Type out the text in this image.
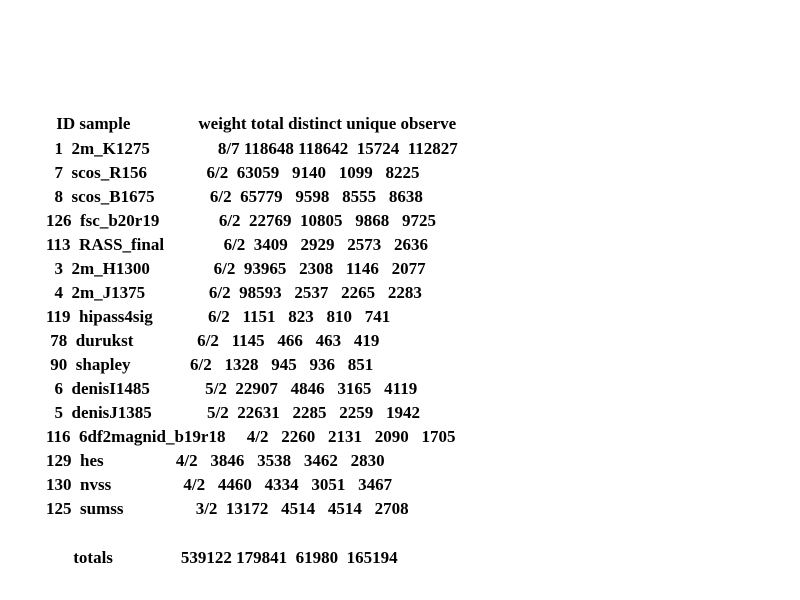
ID sample                weight total distinct unique observe
1  2m_K1275                8/7 118648 118642  15724  112827
7  scos_R156              6/2  63059   9140   1099   8225
8  scos_B1675             6/2  65779   9598   8555   8638
126  fsc_b20r19              6/2  22769  10805   9868   9725
113  RASS_final              6/2  3409   2929   2573   2636
3  2m_H1300               6/2  93965   2308   1146   2077
4  2m_J1375               6/2  98593   2537   2265   2283
119  hipass4sig             6/2   1151   823   810   741
78  durukst               6/2   1145   466   463   419
90  shapley              6/2   1328   945   936   851
6  denisI1485             5/2  22907   4846   3165   4119
5  denisJ1385             5/2  22631   2285   2259   1942
116  6df2magnid_b19r18     4/2   2260   2131   2090   1705
129  hes                 4/2   3846   3538   3462   2830
130  nvss                 4/2   4460   4334   3051   3467
125  sumss                 3/2  13172   4514   4514   2708
totals                539122 179841  61980  165194
